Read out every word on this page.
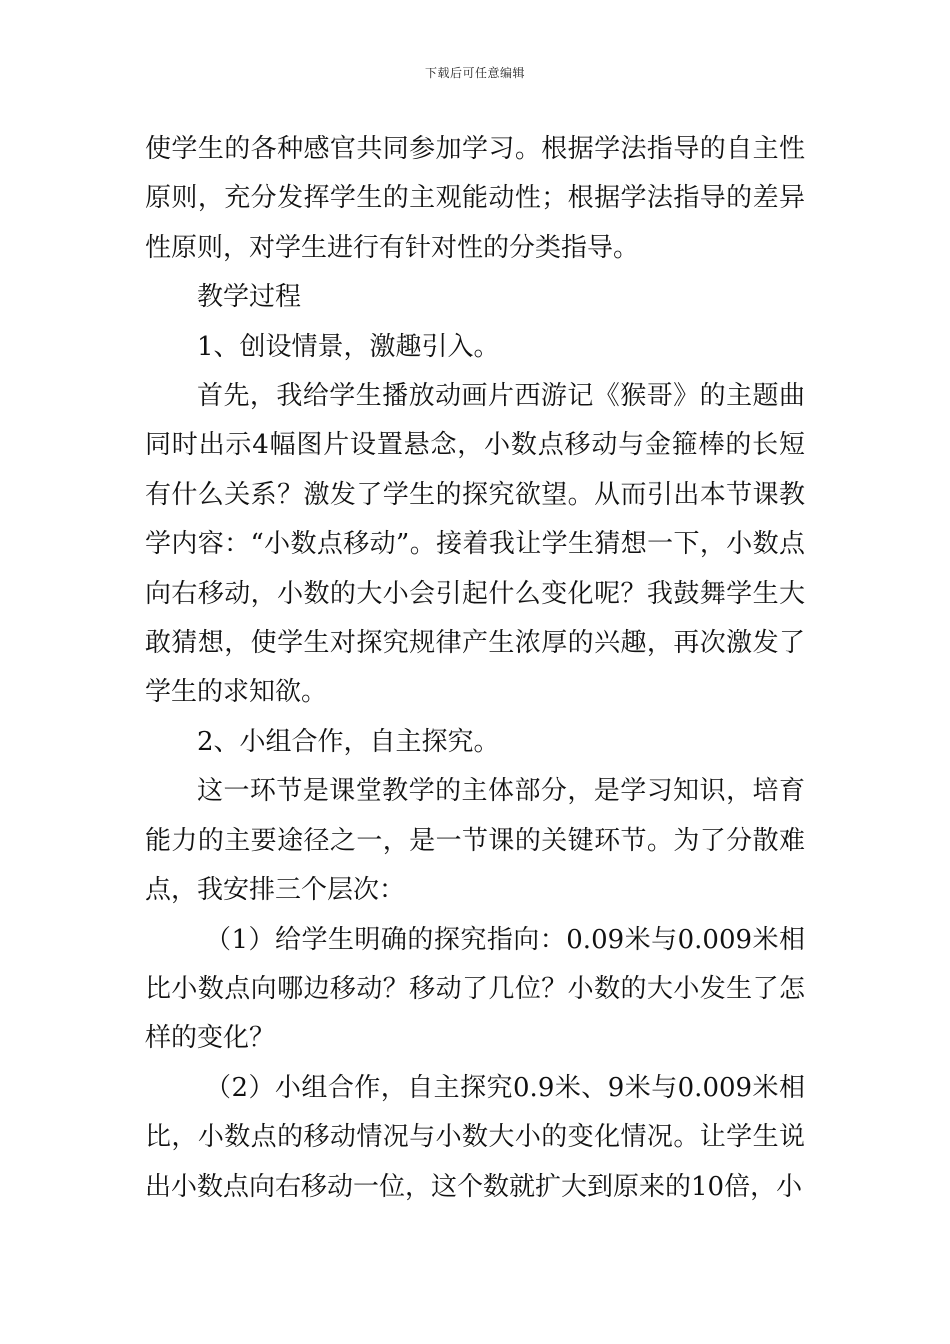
下载后可任意编辑

使学生的各种感官共同参加学习。根据学法指导的自主性原则，充分发挥学生的主观能动性；根据学法指导的差异性原则，对学生进行有针对性的分类指导。

教学过程

1、创设情景，激趣引入。

首先，我给学生播放动画片西游记《猴哥》的主题曲同时出示4幅图片设置悬念，小数点移动与金箍棒的长短有什么关系？激发了学生的探究欲望。从而引出本节课教学内容：“小数点移动”。接着我让学生猜想一下，小数点向右移动，小数的大小会引起什么变化呢？我鼓舞学生大敢猜想，使学生对探究规律产生浓厚的兴趣，再次激发了学生的求知欲。

2、小组合作，自主探究。

这一环节是课堂教学的主体部分，是学习知识，培育能力的主要途径之一，是一节课的关键环节。为了分散难点，我安排三个层次：

（1）给学生明确的探究指向：0.09米与0.009米相比小数点向哪边移动？移动了几位？小数的大小发生了怎样的变化？

（2）小组合作，自主探究0.9米、9米与0.009米相比，小数点的移动情况与小数大小的变化情况。让学生说出小数点向右移动一位，这个数就扩大到原来的10倍，小
